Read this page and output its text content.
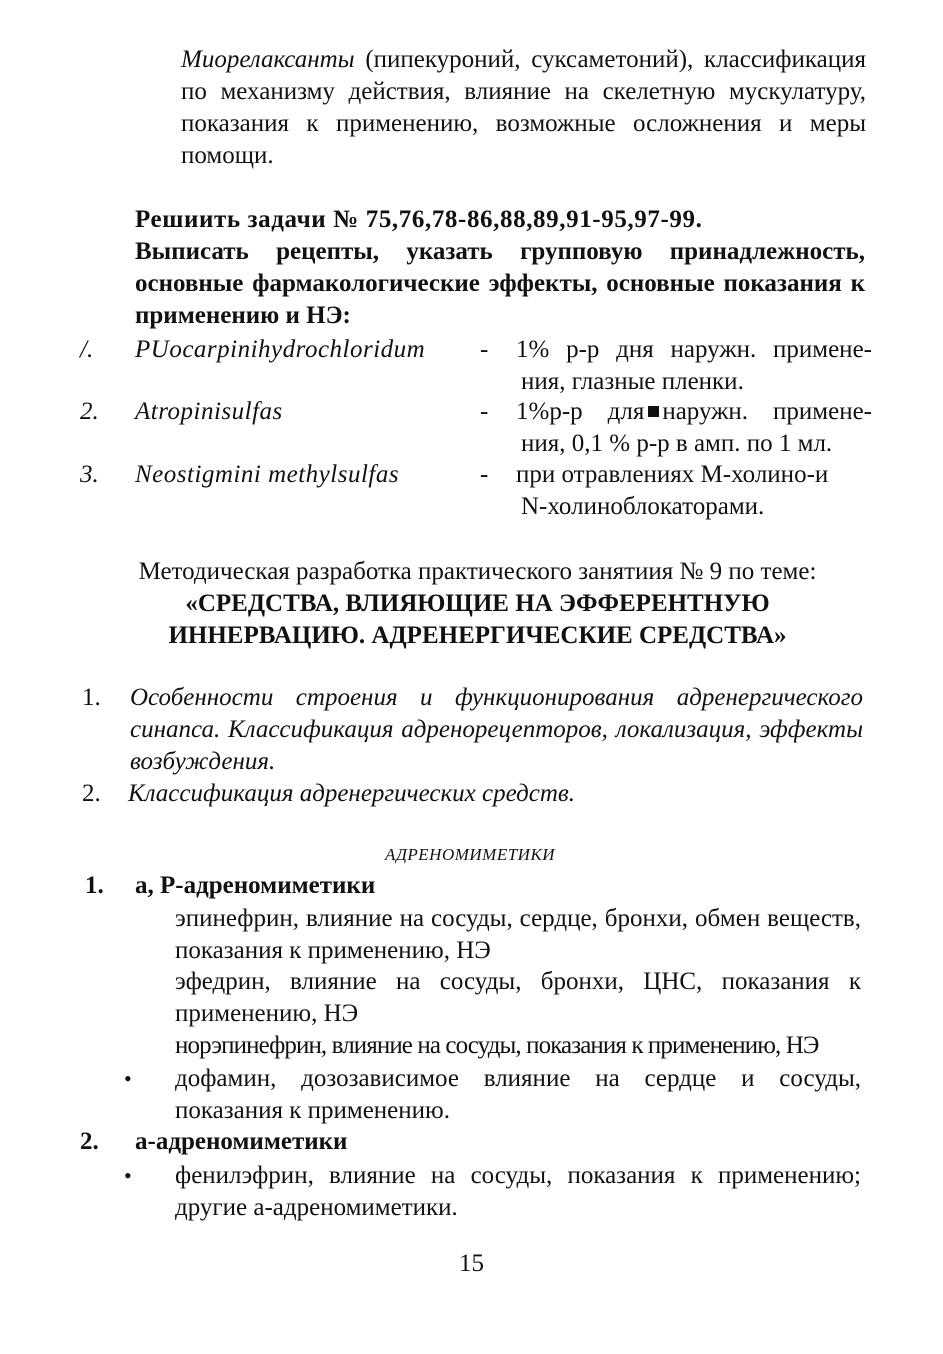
Миорелаксанты (пипекуроний, суксаметоний), классификация по механизму действия, влияние на скелетную мускулатуру, показания к применению, возможные осложнения и меры помощи.

Решиить задачи № 75,76,78-86,88,89,91-95,97-99.

Выписать рецепты, указать групповую принадлежность, основные фармакологические эффекты, основные показания к применению и НЭ:

/. PUocarpinihydrochloridum - 1% р-р дня наружн. примене-
ния, глазные пленки.
2. Atropinisulfas	- 1%р-р для наружн. примене-
ния, 0,1 % р-р в амп. по 1 мл.
3. Neostigmini methylsulfas	- при отравлениях М-холино-и
N-холиноблокаторами.

Методическая разработка практического занятиия № 9 по теме:

«СРЕДСТВА, ВЛИЯЮЩИЕ НА ЭФФЕРЕНТНУЮ

ИННЕРВАЦИЮ. АДРЕНЕРГИЧЕСКИЕ СРЕДСТВА»

1. Особенности строения и функционирования адренергического синапса. Классификация адренорецепторов, локализация, эффекты возбуждения.

2. Классификация адренергических средств.

АДРЕНОМИМЕТИКИ

1. а, Р-адреномиметики

эпинефрин, влияние на сосуды, сердце, бронхи, обмен веществ, показания к применению, НЭ

эфедрин, влияние на сосуды, бронхи, ЦНС, показания к применению, НЭ

норэпинефрин, влияние на сосуды, показания к применению, НЭ

• дофамин, дозозависимое влияние на сердце и сосуды, показания к применению.

2. а-адреномиметики

• фенилэфрин, влияние на сосуды, показания к применению; другие а-адреномиметики.

15
